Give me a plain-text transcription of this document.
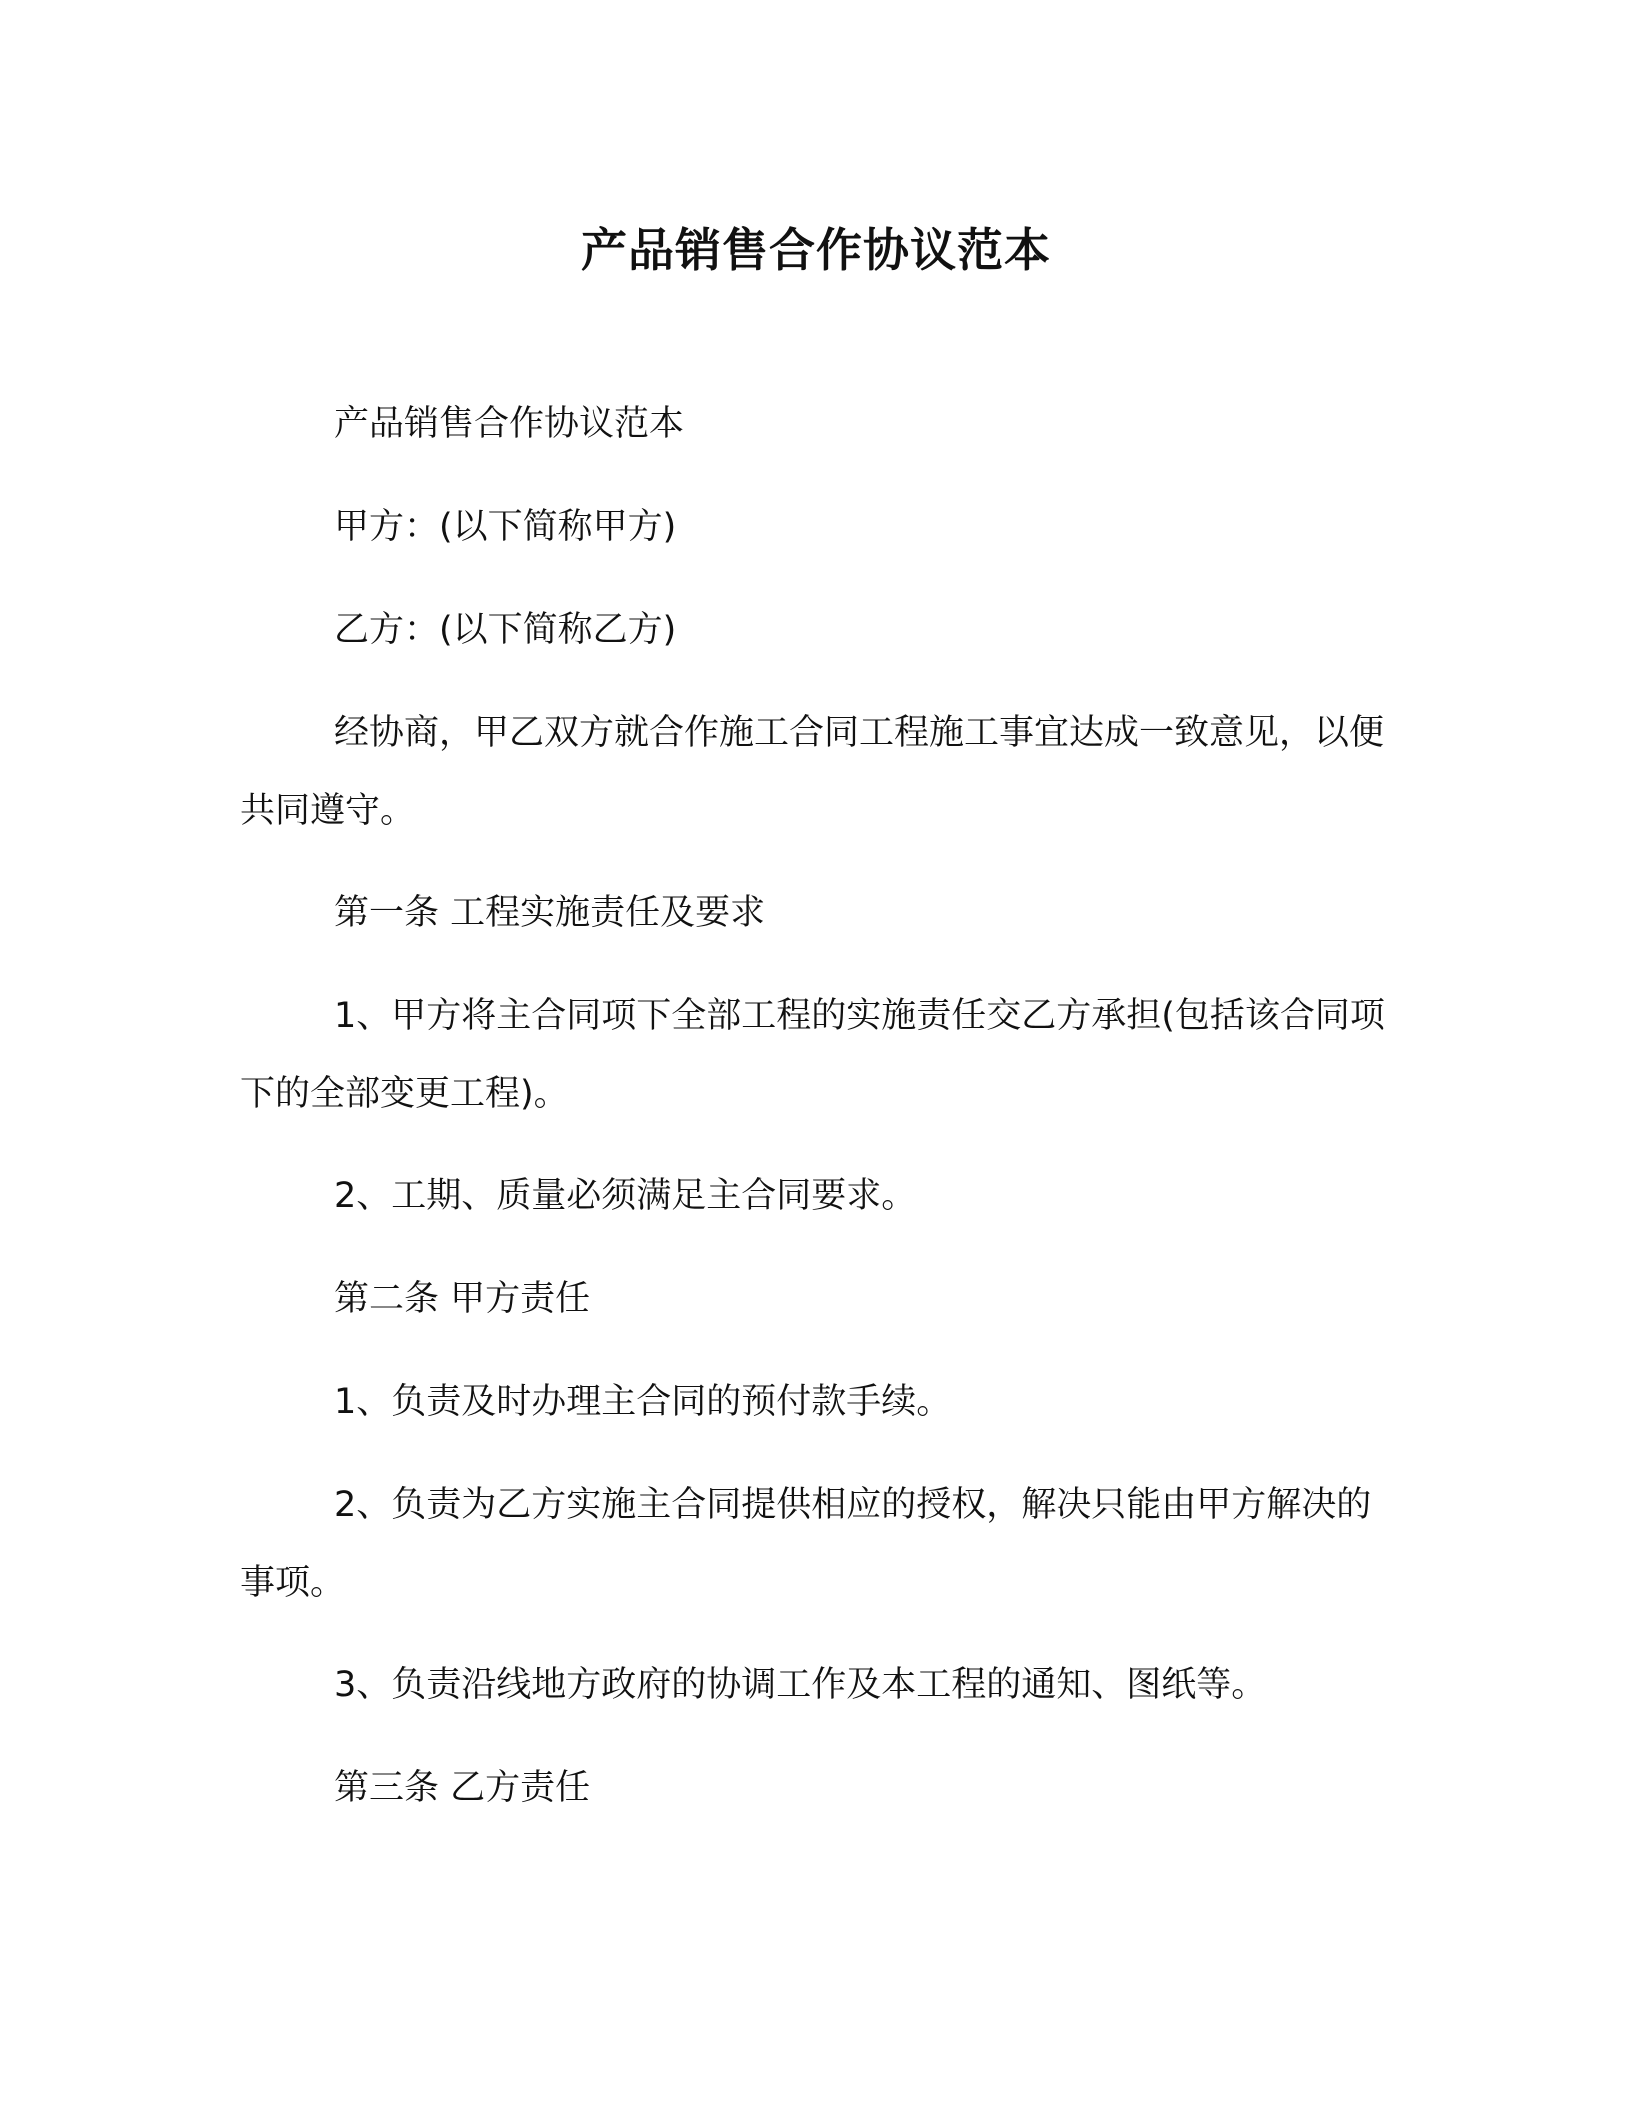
产品销售合作协议范本

产品销售合作协议范本

甲方：(以下简称甲方)

乙方：(以下简称乙方)

经协商，甲乙双方就合作施工合同工程施工事宜达成一致意见，以便共同遵守。

第一条 工程实施责任及要求

1、甲方将主合同项下全部工程的实施责任交乙方承担(包括该合同项下的全部变更工程)。

2、工期、质量必须满足主合同要求。

第二条 甲方责任

1、负责及时办理主合同的预付款手续。

2、负责为乙方实施主合同提供相应的授权，解决只能由甲方解决的事项。

3、负责沿线地方政府的协调工作及本工程的通知、图纸等。

第三条 乙方责任
